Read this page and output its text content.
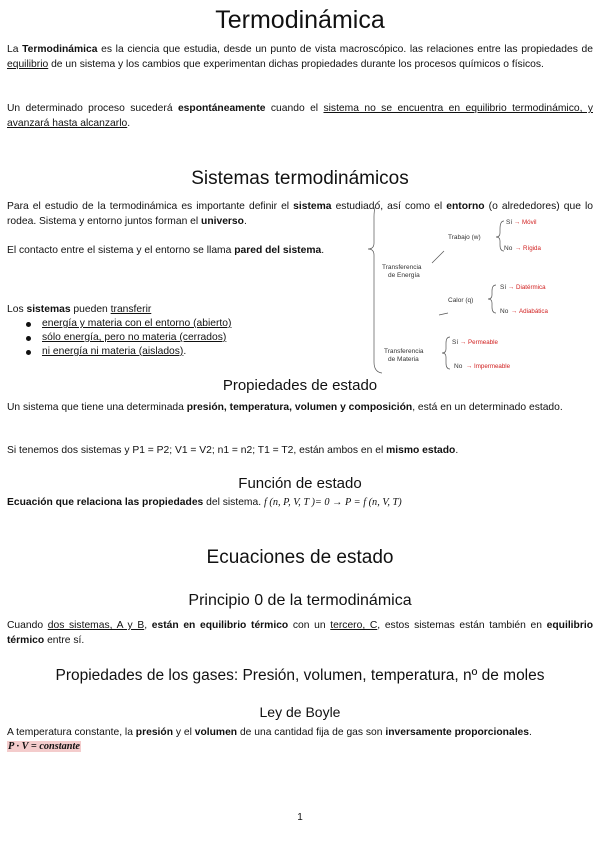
Termodinámica

La Termodinámica es la ciencia que estudia, desde un punto de vista macroscópico. las relaciones entre las propiedades de equilibrio de un sistema y los cambios que experimentan dichas propiedades durante los procesos químicos o físicos.

Un determinado proceso sucederá espontáneamente cuando el sistema no se encuentra en equilibrio termodinámico, y avanzará hasta alcanzarlo.

Sistemas termodinámicos

Para el estudio de la termodinámica es importante definir el sistema estudiado, así como el entorno (o alrededores) que lo rodea. Sistema y entorno juntos forman el universo.

El contacto entre el sistema y el entorno se llama pared del sistema.

Los sistemas pueden transferir

energía y materia con el entorno (abierto)
sólo energía, pero no materia (cerrados)
ni energía ni materia (aislados).
Transferencia
de Energía
Trabajo (w)
Sí → Móvil
No → Rígida
Calor (q)
Sí → Diatérmica
No → Adiabática
Transferencia
de Materia
Sí → Permeable
No → Impermeable
Propiedades de estado

Un sistema que tiene una determinada presión, temperatura, volumen y composición, está en un determinado estado.

Si tenemos dos sistemas y P1 = P2; V1 = V2; n1 = n2; T1 = T2, están ambos en el mismo estado.

Función de estado

Ecuación que relaciona las propiedades del sistema. f (n, P, V, T )= 0 → P = f (n, V, T)

Ecuaciones de estado
Principio 0 de la termodinámica

Cuando dos sistemas, A y B, están en equilibrio térmico con un tercero, C, estos sistemas están también en equilibrio térmico entre sí.

Propiedades de los gases: Presión, volumen, temperatura, nº de moles
Ley de Boyle

A temperatura constante, la presión y el volumen de una cantidad fija de gas son inversamente proporcionales.

P · V = constante

1
